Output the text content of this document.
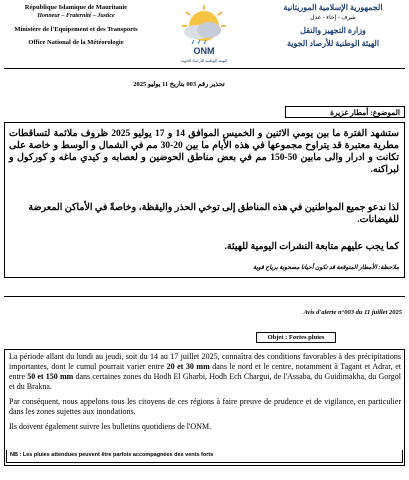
République Islamique de Mauritanie
Honneur – Fraternité – Justice
Ministère de l'Equipement et des Transports
Office National de la Météorologie
ONM
الهيئة الوطنية للأرصاد الجوية
الجمهورية الإسلامية الموريتانية
شرف - إخاء - عدل
وزارة التجهيز والنقل
الهيئة الوطنية للأرصاد الجوية
تحذير رقم 003 بتاريخ 11 يوليو 2025
الموضوع: أمطار غزيرة
ستشهد الفترة ما بين يومي الاثنين و الخميس الموافق 14 و 17 يوليو 2025 ظروف ملائمة لتساقطات مطرية معتبرة قد يتراوح مجموعها في هذه الأيام ما بين 20-30 مم في الشمال و الوسط و خاصة على تكانت و ادرار والى مابين 50-150 مم في بعض مناطق الحوضين و لعصابه و كيدي ماغه و كوركول و لبراكنه.
لذا ندعو جميع المواطنين في هذه المناطق إلى توخي الحذر واليقظة، وخاصةً في الأماكن المعرضة للفيضانات.
كما يجب عليهم متابعة النشرات اليومية للهيئة.
ملاحظة: الأمطار المتوقعة قد تكون أحيانا مصحوبة برياح قوية
Avis d'alerte n°003 du 11 juillet 2025
Objet : Fortes pluies

La période allant du lundi au jeudi, soit du 14 au 17 juillet 2025, connaîtra des conditions favorables à des précipitations importantes, dont le cumul pourrait varier entre 20 et 30 mm dans le nord et le centre, notamment à Tagant et Adrar, et entre 50 et 150 mm dans certaines zones du Hodh El Gharbi, Hodh Ech Chargui, de l'Assaba, du Guidimakha, du Gorgol et du Brakna.

Par conséquent, nous appelons tous les citoyens de ces régions à faire preuve de prudence et de vigilance, en particulier dans les zones sujettes aux inondations.

Ils doivent également suivre les bulletins quotidiens de l'ONM.

NB : Les pluies attendues peuvent être parfois accompagnées des vents forts
